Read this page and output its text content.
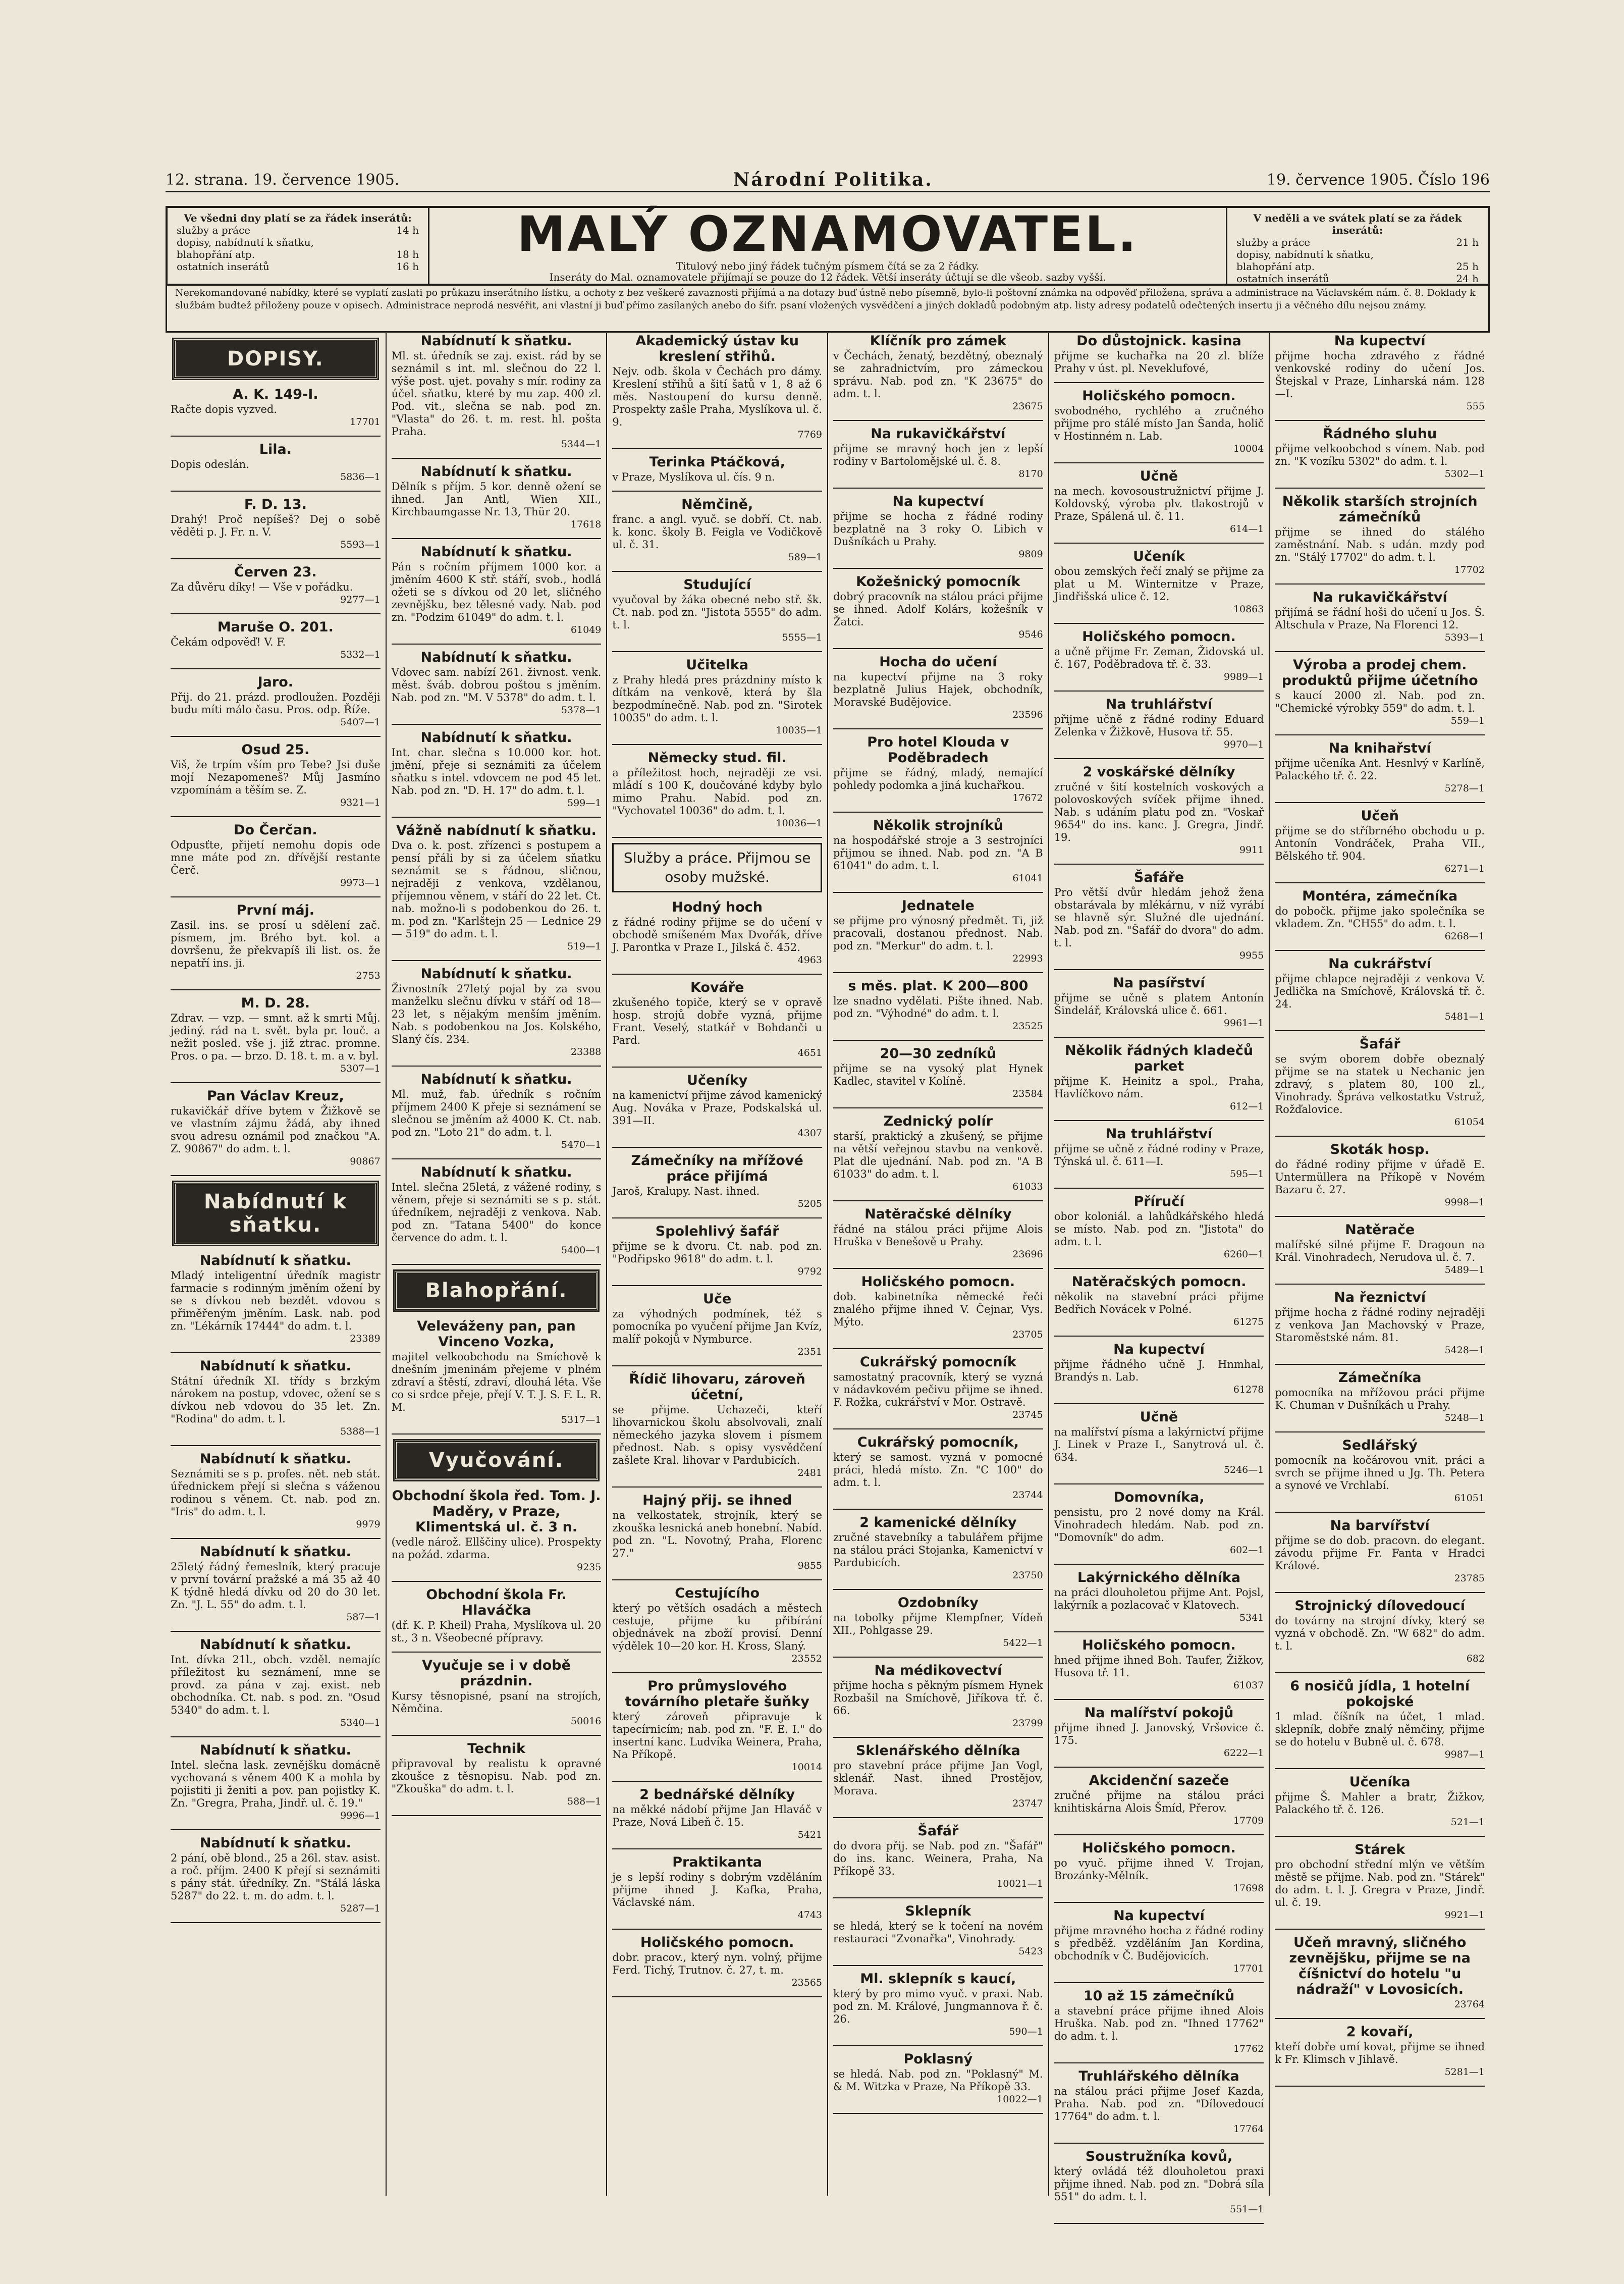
12. strana. 19. července 1905.	Národní Politika.	19. července 1905. Číslo 196
Ve všedni dny platí se za řádek inserátů:
služby a práce	14 h
dopisy, nabídnutí k sňatku,
blahopřání atp.	18 h
ostatních inserátů	16 h
MALÝ OZNAMOVATEL.
Titulový nebo jiný řádek tučným písmem čítá se za 2 řádky.
Inseráty do Mal. oznamovatele přijímají se pouze do 12 řádek. Větší inseráty účtují se dle všeob. sazby vyšší.
V neděli a ve svátek platí se za řádek inserátů:
služby a práce	21 h
dopisy, nabídnutí k sňatku,
blahopřání atp.	25 h
ostatních inserátů	24 h
Nerekomandované nabídky, které se vyplatí zaslati po průkazu inserátního lístku, a ochoty z bez veškeré zavaznosti přijímá a na dotazy buď ústně nebo písemně, bylo-li poštovní známka na odpověď přiložena, správa a administrace na Václavském nám. č. 8. Doklady k službám budtež přiloženy pouze v opisech. Administrace neprodá nesvěřit, ani vlastní ji buď přímo zasílaných anebo do šifr. psaní vložených vysvědčení a jiných dokladů podobným atp. listy adresy podatelů odečtených insertu ji a věčného dílu nejsou známy.
DOPISY.
A. K. 149-I.
Račte dopis vyzved.
17701
Lila.
Dopis odeslán.
5836—1
F. D. 13.
Drahý! Proč nepíšeš? Dej o sobě věděti p. J. Fr. n. V.
5593—1
Červen 23.
Za důvěru díky! — Vše v pořádku.
9277—1
Maruše O. 201.
Čekám odpověď! V. F.
5332—1
Jaro.
Přij. do 21. prázd. prodloužen. Později budu míti málo času. Pros. odp. Říže.
5407—1
Osud 25.
Viš, že trpím vším pro Tebe? Jsi duše mojí Nezapomeneš? Můj Jasmíno vzpomínám a těším se. Z.
9321—1
Do Čerčan.
Odpusťte, přijetí nemohu dopis ode mne máte pod zn. dřívější restante Čerč.
9973—1
První máj.
Zasil. ins. se prosí u sdělení zač. písmem, jm. Brého byt. kol. a dovršenu, že překvapíš ili list. os. že nepatří ins. ji.
2753
M. D. 28.
Zdrav. — vzp. — smnt. až k smrti Můj. jediný. rád na t. svět. byla pr. louč. a nežit posled. vše j. již ztrac. promne. Pros. o pa. — brzo. D. 18. t. m. a v. byl.
5307—1
Pan Václav Kreuz,
rukavičkář dříve bytem v Žižkově se ve vlastním zájmu žádá, aby ihned svou adresu oznámil pod značkou "A. Z. 90867" do adm. t. l.
90867
Nabídnutí k sňatku.
Nabídnutí k sňatku.
Mladý inteligentní úředník magistr farmacie s rodinným jměním ožení by se s dívkou neb bezdět. vdovou s přiměřeným jměním. Lask. nab. pod zn. "Lékárník 17444" do adm. t. l.
23389
Nabídnutí k sňatku.
Státní úředník XI. třídy s brzkým nárokem na postup, vdovec, ožení se s dívkou neb vdovou do 35 let. Zn. "Rodina" do adm. t. l.
5388—1
Nabídnutí k sňatku.
Seznámiti se s p. profes. nět. neb stát. úřednickem přejí si slečna s váženou rodinou s věnem. Ct. nab. pod zn. "Iris" do adm. t. l.
9979
Nabídnutí k sňatku.
25letý řádný řemeslník, který pracuje v první tovární pražské a má 35 až 40 K týdně hledá dívku od 20 do 30 let. Zn. "J. L. 55" do adm. t. l.
587—1
Nabídnutí k sňatku.
Int. dívka 21l., obch. vzděl. nemajíc příležitost ku seznámení, mne se provd. za pána v zaj. exist. neb obchodníka. Ct. nab. s pod. zn. "Osud 5340" do adm. t. l.
5340—1
Nabídnutí k sňatku.
Intel. slečna lask. zevnějšku domácně vychovaná s věnem 400 K a mohla by pojistiti ji ženiti a pov. pan pojistky K. Zn. "Gregra, Praha, Jindř. ul. č. 19."
9996—1
Nabídnutí k sňatku.
2 pání, obě blond., 25 a 26l. stav. asist. a roč. příjm. 2400 K přejí si seznámiti s pány stát. úředníky. Zn. "Stálá láska 5287" do 22. t. m. do adm. t. l.
5287—1
Nabídnutí k sňatku.
Ml. st. úředník se zaj. exist. rád by se seznámil s int. ml. slečnou do 22 l. výše post. ujet. povahy s mír. rodiny za účel. sňatku, které by mu zap. 400 zl. Pod. vit., slečna se nab. pod zn. "Vlasta" do 26. t. m. rest. hl. pošta Praha.
5344—1
Nabídnutí k sňatku.
Dělník s příjm. 5 kor. denně ožení se ihned. Jan Antl, Wien XII., Kirchbaumgasse Nr. 13, Thür 20.
17618
Nabídnutí k sňatku.
Pán s ročním příjmem 1000 kor. a jměním 4600 K stř. stáří, svob., hodlá ožeti se s dívkou od 20 let, sličného zevnějšku, bez tělesné vady. Nab. pod zn. "Podzim 61049" do adm. t. l.
61049
Nabídnutí k sňatku.
Vdovec sam. nabízí 261. živnost. venk. měst. šváb. dobrou poštou s jměním. Nab. pod zn. "M. V 5378" do adm. t. l.
5378—1
Nabídnutí k sňatku.
Int. char. slečna s 10.000 kor. hot. jmění, přeje si seznámiti za účelem sňatku s intel. vdovcem ne pod 45 let. Nab. pod zn. "D. H. 17" do adm. t. l.
599—1
Vážně nabídnutí k sňatku.
Dva o. k. post. zřízenci s postupem a pensí přáli by si za účelem sňatku seznámit se s řádnou, sličnou, nejraději z venkova, vzdělanou, příjemnou věnem, v stáří do 22 let. Ct. nab. možno-li s podobenkou do 26. t. m. pod zn. "Karlštejn 25 — Lednice 29 — 519" do adm. t. l.
519—1
Nabídnutí k sňatku.
Živnostník 27letý pojal by za svou manželku slečnu dívku v stáří od 18—23 let, s nějakým menším jměním. Nab. s podobenkou na Jos. Kolského, Slaný čís. 234.
23388
Nabídnutí k sňatku.
Ml. muž, fab. úředník s ročním příjmem 2400 K přeje si seznámení se slečnou se jměním až 4000 K. Ct. nab. pod zn. "Loto 21" do adm. t. l.
5470—1
Nabídnutí k sňatku.
Intel. slečna 25letá, z vážené rodiny, s věnem, přeje si seznámiti se s p. stát. úředníkem, nejraději z venkova. Nab. pod zn. "Tatana 5400" do konce července do adm. t. l.
5400—1
Blahopřání.
Veleváženy pan, pan Vinceno Vozka,
majitel velkoobchodu na Smíchově k dnešním jmeninám přejeme v plném zdraví a štěstí, zdraví, dlouhá léta. Vše co si srdce přeje, přejí V. T. J. S. F. L. R. M.
5317—1
Vyučování.
Obchodní škola řed. Tom. J. Maděry, v Praze, Klimentská ul. č. 3 n.
(vedle nárož. Ellščiny ulice). Prospekty na požád. zdarma.
9235
Obchodní škola Fr. Hlaváčka
(dř. K. P. Kheil) Praha, Myslíkova ul. 20 st., 3 n. Všeobecné přípravy.
Vyučuje se i v době prázdnin.
Kursy těsnopisné, psaní na strojích, Němčina.
50016
Technik
připravoval by realistu k opravné zkoušce z těsnopisu. Nab. pod zn. "Zkouška" do adm. t. l.
588—1
Akademický ústav ku kreslení střihů.
Nejv. odb. škola v Čechách pro dámy. Kreslení střihů a šití šatů v 1, 8 až 6 měs. Nastoupení do kursu denně. Prospekty zašle Praha, Myslíkova ul. č. 9.
7769
Terinka Ptáčková,
v Praze, Myslíkova ul. čís. 9 n.
Němčině,
franc. a angl. vyuč. se dobří. Ct. nab. k. konc. školy B. Feigla ve Vodičkově ul. č. 31.
589—1
Studující
vyučoval by žáka obecné nebo stř. šk. Ct. nab. pod zn. "Jistota 5555" do adm. t. l.
5555—1
Učitelka
z Prahy hledá pres prázdniny místo k dítkám na venkově, která by šla bezpodmínečně. Nab. pod zn. "Sirotek 10035" do adm. t. l.
10035—1
Německy stud. fil.
a příležitost hoch, nejraději ze vsi. mládí s 100 K, doučováné kdyby bylo mimo Prahu. Nabíd. pod zn. "Vychovatel 10036" do adm. t. l.
10036—1
Služby a práce. Přijmou se osoby mužské.
Hodný hoch
z řádné rodiny přijme se do učení v obchodě smíšeném Max Dvořák, dříve J. Parontka v Praze I., Jilská č. 452.
4963
Kováře
zkušeného topiče, který se v opravě hosp. strojů dobře vyzná, přijme Frant. Veselý, statkář v Bohdanči u Pard.
4651
Učeníky
na kamenictví přijme závod kamenický Aug. Nováka v Praze, Podskalská ul. 391—II.
4307
Zámečníky na mřížové práce přijímá
Jaroš, Kralupy. Nast. ihned.
5205
Spolehlivý šafář
přijme se k dvoru. Ct. nab. pod zn. "Podřipsko 9618" do adm. t. l.
9792
Uče
za výhodných podmínek, též s pomocníka po vyučení přijme Jan Kvíz, malíř pokojů v Nymburce.
2351
Řídič lihovaru, zároveň účetní,
se přijme. Uchazeči, kteří lihovarnickou školu absolvovali, znalí německého jazyka slovem i písmem přednost. Nab. s opisy vysvědčení zašlete Kral. lihovar v Pardubicích.
2481
Hajný přij. se ihned
na velkostatek, strojník, který se zkouška lesnická aneb honební. Nabíd. pod zn. "L. Novotný, Praha, Florenc 27."
9855
Cestujícího
který po větších osadách a městech cestuje, přijme ku přibírání objednávek na zboží provisí. Denní výdělek 10—20 kor. H. Kross, Slaný.
23552
Pro průmyslového továrního pletaře šuňky
který zároveň připravuje k tapecírnicím; nab. pod zn. "F. E. I." do insertní kanc. Ludvíka Weinera, Praha, Na Příkopě.
10014
2 bednářské dělníky
na měkké nádobí přijme Jan Hlaváč v Praze, Nová Libeň č. 15.
5421
Praktikanta
je s lepší rodiny s dobrým vzděláním přijme ihned J. Kafka, Praha, Václavské nám.
4743
Holičského pomocn.
dobr. pracov., který nyn. volný, přijme Ferd. Tichý, Trutnov. č. 27, t. m.
23565
Klíčník pro zámek
v Čechách, ženatý, bezdětný, obeznalý se zahradnictvím, pro zámeckou správu. Nab. pod zn. "K 23675" do adm. t. l.
23675
Na rukavičkářství
přijme se mravný hoch jen z lepší rodiny v Bartolomějské ul. č. 8.
8170
Na kupectví
přijme se hocha z řádné rodiny bezplatně na 3 roky O. Libich v Dušníkách u Prahy.
9809
Kožešnický pomocník
dobrý pracovník na stálou práci přijme se ihned. Adolf Kolárs, kožešník v Žatci.
9546
Hocha do učení
na kupectví přijme na 3 roky bezplatně Julius Hajek, obchodník, Moravské Budějovice.
23596
Pro hotel Klouda v Poděbradech
přijme se řádný, mladý, nemající pohledy podomka a jiná kuchařkou.
17672
Několik strojníků
na hospodářské stroje a 3 sestrojníci přijmou se ihned. Nab. pod zn. "A B 61041" do adm. t. l.
61041
Jednatele
se přijme pro výnosný předmět. Ti, již pracovali, dostanou přednost. Nab. pod zn. "Merkur" do adm. t. l.
22993
s měs. plat. K 200—800
lze snadno vydělati. Pište ihned. Nab. pod zn. "Výhodné" do adm. t. l.
23525
20—30 zedníků
přijme se na vysoký plat Hynek Kadlec, stavitel v Kolíně.
23584
Zednický polír
starší, praktický a zkušený, se přijme na větší veřejnou stavbu na venkově. Plat dle ujednání. Nab. pod zn. "A B 61033" do adm. t. l.
61033
Natěračské dělníky
řádné na stálou práci přijme Alois Hruška v Benešově u Prahy.
23696
Holičského pomocn.
dob. kabinetníka německé řeči znalého přijme ihned V. Čejnar, Vys. Mýto.
23705
Cukrářský pomocník
samostatný pracovník, který se vyzná v nádavkovém pečivu přijme se ihned. F. Rožka, cukrářství v Mor. Ostravě.
23745
Cukrářský pomocník,
který se samost. vyzná v pomocné práci, hledá místo. Zn. "C 100" do adm. t. l.
23744
2 kamenické dělníky
zručné stavebníky a tabulářem přijme na stálou práci Stojanka, Kamenictví v Pardubicích.
23750
Ozdobníky
na tobolky přijme Klempfner, Vídeň XII., Pohlgasse 29.
5422—1
Na médikovectví
přijme hocha s pěkným písmem Hynek Rozbašil na Smíchově, Jiříkova tř. č. 66.
23799
Sklenářského dělníka
pro stavební práce přijme Jan Vogl, sklenář. Nast. ihned Prostějov, Morava.
23747
Šafář
do dvora přij. se Nab. pod zn. "Šafář" do ins. kanc. Weinera, Praha, Na Příkopě 33.
10021—1
Sklepník
se hledá, který se k točení na novém restauraci "Zvonařka", Vinohrady.
5423
Ml. sklepník s kaucí,
který by pro mimo vyuč. v praxi. Nab. pod zn. M. Králové, Jungmannova ř. č. 26.
590—1
Poklasný
se hledá. Nab. pod zn. "Poklasný" M. & M. Witzka v Praze, Na Příkopě 33.
10022—1
Do důstojnick. kasina
přijme se kuchařka na 20 zl. blíže Prahy v úst. pl. Neveklufové,
Holičského pomocn.
svobodného, rychlého a zručného přijme pro stálé místo Jan Šanda, holič v Hostinném n. Lab.
10004
Učně
na mech. kovosoustružnictví přijme J. Koldovský, výroba plv. tlakostrojů v Praze, Spálená ul. č. 11.
614—1
Učeník
obou zemských řečí znalý se přijme za plat u M. Winternitze v Praze, Jindřišská ulice č. 12.
10863
Holičského pomocn.
a učně přijme Fr. Zeman, Židovská ul. č. 167, Poděbradova tř. č. 33.
9989—1
Na truhlářství
přijme učně z řádné rodiny Eduard Zelenka v Žižkově, Husova tř. 55.
9970—1
2 voskářské dělníky
zručné v šití kostelních voskových a polovoskových svíček přijme ihned. Nab. s udáním platu pod zn. "Voskař 9654" do ins. kanc. J. Gregra, Jindř. 19.
9911
Šafáře
Pro větší dvůr hledám jehož žena obstarávala by mlékárnu, v níž vyrábí se hlavně sýr. Služné dle ujednání. Nab. pod zn. "Šafář do dvora" do adm. t. l.
9955
Na pasířství
přijme se učně s platem Antonín Šindelář, Královská ulice č. 661.
9961—1
Několik řádných kladečů parket
přijme K. Heinitz a spol., Praha, Havlíčkovo nám.
612—1
Na truhlářství
přijme se učně z řádné rodiny v Praze, Týnská ul. č. 611—I.
595—1
Příručí
obor koloniál. a lahůdkářského hledá se místo. Nab. pod zn. "Jistota" do adm. t. l.
6260—1
Natěračských pomocn.
několik na stavební práci přijme Bedřich Novácek v Polné.
61275
Na kupectví
přijme řádného učně J. Hnmhal, Brandýs n. Lab.
61278
Učně
na malířství písma a lakýrnictví přijme J. Linek v Praze I., Sanytrová ul. č. 634.
5246—1
Domovníka,
pensistu, pro 2 nové domy na Král. Vinohradech hledám. Nab. pod zn. "Domovník" do adm.
602—1
Lakýrnického dělníka
na práci dlouholetou přijme Ant. Pojsl, lakýrník a pozlacovač v Klatovech.
5341
Holičského pomocn.
hned přijme ihned Boh. Taufer, Žižkov, Husova tř. 11.
61037
Na malířství pokojů
přijme ihned J. Janovský, Vršovice č. 175.
6222—1
Akcidenční sazeče
zručné přijme na stálou práci knihtiskárna Alois Šmíd, Přerov.
17709
Holičského pomocn.
po vyuč. přijme ihned V. Trojan, Brozánky-Mělník.
17698
Na kupectví
přijme mravného hocha z řádné rodiny s předběž. vzděláním Jan Kordina, obchodník v Č. Budějovicích.
17701
10 až 15 zámečníků
a stavební práce přijme ihned Alois Hruška. Nab. pod zn. "Ihned 17762" do adm. t. l.
17762
Truhlářského dělníka
na stálou práci přijme Josef Kazda, Praha. Nab. pod zn. "Dílovedoucí 17764" do adm. t. l.
17764
Soustružníka kovů,
který ovládá též dlouholetou praxi přijme ihned. Nab. pod zn. "Dobrá síla 551" do adm. t. l.
551—1
Na kupectví
přijme hocha zdravého z řádné venkovské rodiny do učení Jos. Štejskal v Praze, Linharská nám. 128—I.
555
Řádného sluhu
přijme velkoobchod s vínem. Nab. pod zn. "K vozíku 5302" do adm. t. l.
5302—1
Několik starších strojních zámečníků
přijme se ihned do stálého zaměstnání. Nab. s udán. mzdy pod zn. "Stálý 17702" do adm. t. l.
17702
Na rukavičkářství
přijímá se řádní hoši do učení u Jos. Š. Altschula v Praze, Na Florenci 12.
5393—1
Výroba a prodej chem. produktů přijme účetního
s kaucí 2000 zl. Nab. pod zn. "Chemické výrobky 559" do adm. t. l.
559—1
Na knihařství
přijme učeníka Ant. Hesnlvý v Karlíně, Palackého tř. č. 22.
5278—1
Učeň
přijme se do stříbrného obchodu u p. Antonín Vondráček, Praha VII., Bělského tř. 904.
6271—1
Montéra, zámečníka
do pobočk. přijme jako společníka se vkladem. Zn. "CH55" do adm. t. l.
6268—1
Na cukrářství
přijme chlapce nejraději z venkova V. Jedlička na Smíchově, Královská tř. č. 24.
5481—1
Šafář
se svým oborem dobře obeznalý přijme se na statek u Nechanic jen zdravý, s platem 80, 100 zl., Vinohrady. Špráva velkostatku Vstruž, Rožďalovice.
61054
Skoták hosp.
do řádné rodiny přijme v úřadě E. Untermüllera na Příkopě v Novém Bazaru č. 27.
9998—1
Natěrače
malířské silné přijme F. Dragoun na Král. Vinohradech, Nerudova ul. č. 7.
5489—1
Na řeznictví
přijme hocha z řádné rodiny nejraději z venkova Jan Machovský v Praze, Staroměstské nám. 81.
5428—1
Zámečníka
pomocníka na mřížovou práci přijme K. Chuman v Dušníkách u Prahy.
5248—1
Sedlářský
pomocník na kočárovou vnit. práci a svrch se přijme ihned u Jg. Th. Petera a synové ve Vrchlabí.
61051
Na barvířství
přijme se do dob. pracovn. do elegant. závodu přijme Fr. Fanta v Hradci Králové.
23785
Strojnický dílovedoucí
do továrny na strojní dívky, který se vyzná v obchodě. Zn. "W 682" do adm. t. l.
682
6 nosičů jídla, 1 hotelní pokojské
1 mlad. číšník na účet, 1 mlad. sklepník, dobře znalý němčiny, přijme se do hotelu v Bubně ul. č. 678.
9987—1
Učeníka
přijme Š. Mahler a bratr, Žižkov, Palackého tř. č. 126.
521—1
Stárek
pro obchodní střední mlýn ve větším městě se přijme. Nab. pod zn. "Stárek" do adm. t. l. J. Gregra v Praze, Jindř. ul. č. 19.
9921—1
Učeň mravný, sličného zevnějšku, přijme se na číšnictví do hotelu "u nádraží" v Lovosicích.
23764
2 kovaří,
kteří dobře umí kovat, přijme se ihned k Fr. Klimsch v Jihlavě.
5281—1
